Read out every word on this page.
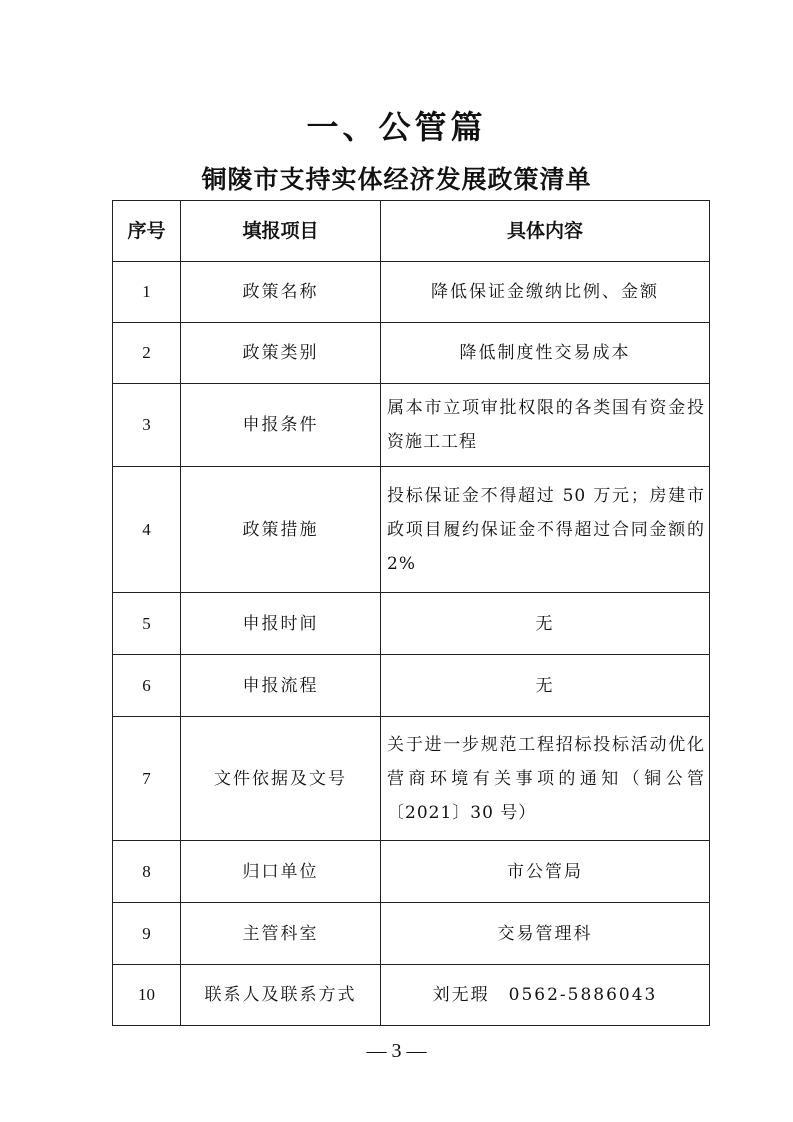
一、公管篇
铜陵市支持实体经济发展政策清单
序号	填报项目	具体内容
1	政策名称	降低保证金缴纳比例、金额
2	政策类别	降低制度性交易成本
3	申报条件	属本市立项审批权限的各类国有资金投资施工工程
4	政策措施	投标保证金不得超过 50 万元；房建市政项目履约保证金不得超过合同金额的 2%
5	申报时间	无
6	申报流程	无
7	文件依据及文号	关于进一步规范工程招标投标活动优化营商环境有关事项的通知（铜公管〔2021〕30 号）
8	归口单位	市公管局
9	主管科室	交易管理科
10	联系人及联系方式	刘无瑕　0562-5886043
— 3 —
